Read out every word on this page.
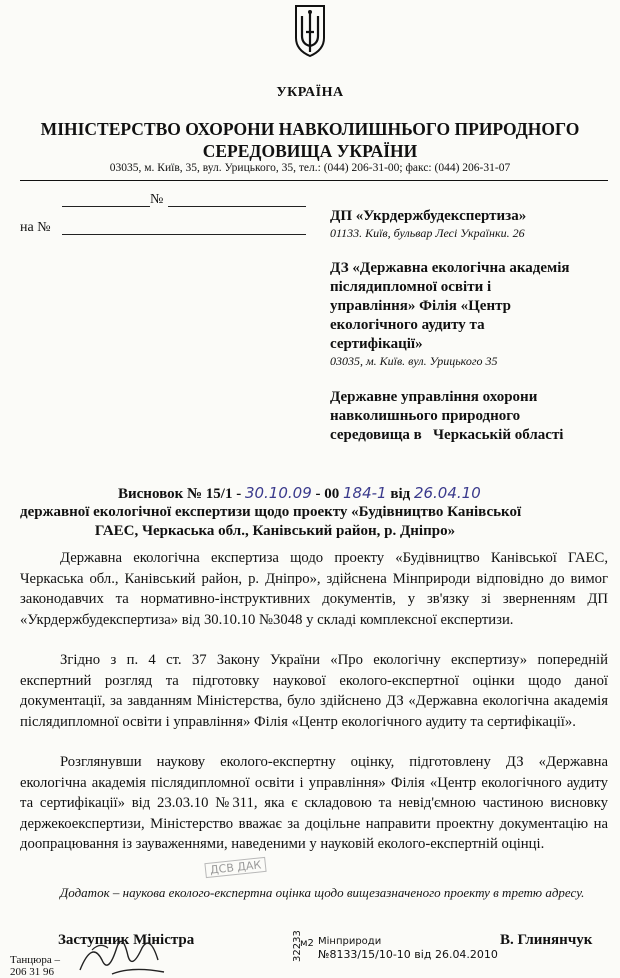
УКРАЇНА
МІНІСТЕРСТВО ОХОРОНИ НАВКОЛИШНЬОГО ПРИРОДНОГО
СЕРЕДОВИЩА УКРАЇНИ
03035, м. Київ, 35, вул. Урицького, 35, тел.: (044) 206-31-00; факс: (044) 206-31-07
№
на №
ДП «Укрдержбудекспертиза»
01133. Київ, бульвар Лесі Українки. 26
ДЗ «Державна екологічна академія
післядипломної освіти і
управління» Філія «Центр
екологічного аудиту та
сертифікації»
03035, м. Київ. вул. Урицького 35
Державне управління охорони
навколишнього природного
середовища в   Черкаській області
Висновок № 15/1 - 30.10.09 - 00 184-1 від 26.04.10
державної екологічної експертизи щодо проекту «Будівництво Канівської
ГАЕС, Черкаська обл., Канівський район, р. Дніпро»
Державна екологічна експертиза щодо проекту «Будівництво Канівської ГАЕС, Черкаська обл., Канівський район, р. Дніпро», здійснена Мінприроди відповідно до вимог законодавчих та нормативно-інструктивних документів, у зв'язку зі зверненням ДП «Укрдержбудекспертиза» від 30.10.10 №3048 у складі комплексної експертизи.
Згідно з п. 4 ст. 37 Закону України «Про екологічну експертизу» попередній експертний розгляд та підготовку наукової еколого-експертної оцінки щодо даної документації, за завданням Міністерства, було здійснено ДЗ «Державна екологічна академія післядипломної освіти і управління» Філія «Центр екологічного аудиту та сертифікації».
Розглянувши наукову еколого-експертну оцінку, підготовлену ДЗ «Державна екологічна академія післядипломної освіти і управління» Філія «Центр екологічного аудиту та сертифікації» від 23.03.10 №311, яка є складовою та невід'ємною частиною висновку держекоекспертизи, Міністерство вважає за доцільне направити проектну документацію на доопрацювання із зауваженнями, наведеними у науковій еколого-експертній оцінці.
ДСВ ДАК
Додаток – наукова еколого-експертна оцінка щодо вищезазначеного проекту в третю адресу.
Заступник Міністра	м2
32233 Мінприроди
№8133/15/10-10 від 26.04.2010
В. Глинянчук
Танцюра –
206 31 96
